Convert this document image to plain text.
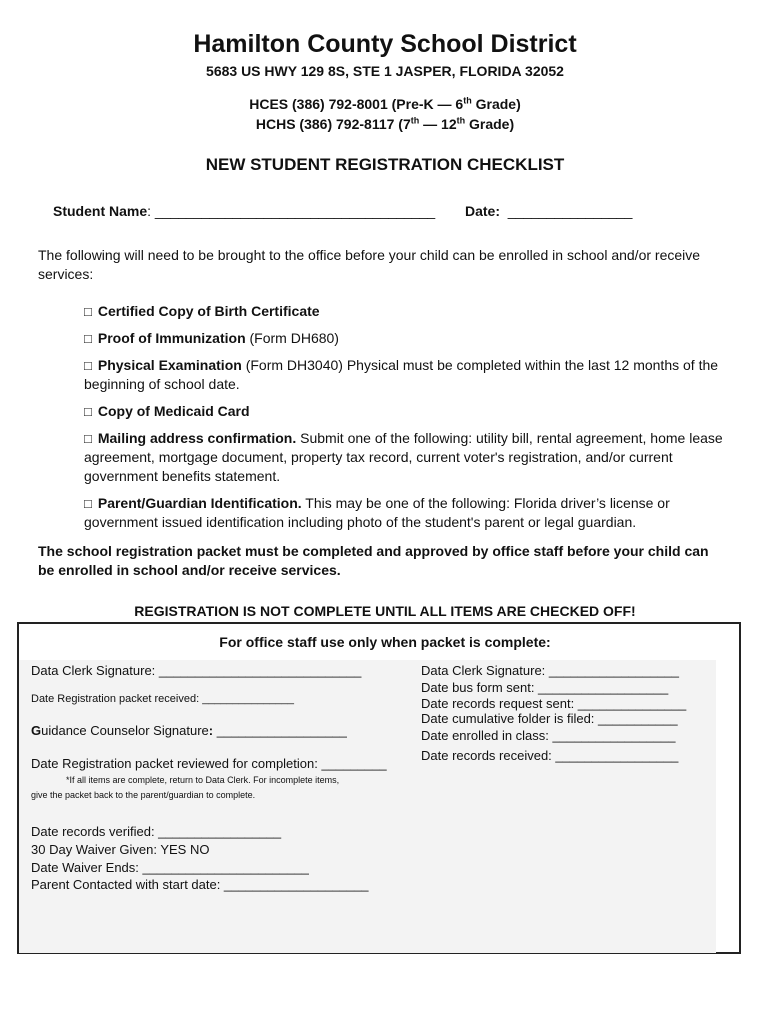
Hamilton County School District
5683 US HWY 129 8S, STE 1 JASPER, FLORIDA 32052
HCES (386) 792-8001 (Pre-K — 6th Grade)
HCHS (386) 792-8117 (7th — 12th Grade)
NEW STUDENT REGISTRATION CHECKLIST
Student Name: ____________________________________ Date: ________________
The following will need to be brought to the office before your child can be enrolled in school and/or receive services:
□ Certified Copy of Birth Certificate
□ Proof of Immunization (Form DH680)
□ Physical Examination (Form DH3040) Physical must be completed within the last 12 months of the beginning of school date.
□ Copy of Medicaid Card
□ Mailing address confirmation. Submit one of the following: utility bill, rental agreement, home lease agreement, mortgage document, property tax record, current voter's registration, and/or current government benefits statement.
□ Parent/Guardian Identification. This may be one of the following: Florida driver’s license or government issued identification including photo of the student's parent or legal guardian.
The school registration packet must be completed and approved by office staff before your child can be enrolled in school and/or receive services.
REGISTRATION IS NOT COMPLETE UNTIL ALL ITEMS ARE CHECKED OFF!
For office staff use only when packet is complete:
Data Clerk Signature: ____________________________
Date Registration packet received: _______________
Guidance Counselor Signature: __________________
Date Registration packet reviewed for completion: _________
*If all items are complete, return to Data Clerk. For incomplete items,
give the packet back to the parent/guardian to complete.
Date records verified: _________________
30 Day Waiver Given: YES NO
Date Waiver Ends: _______________________
Parent Contacted with start date: ____________________
Data Clerk Signature: __________________
Date bus form sent: __________________
Date records request sent: _______________
Date cumulative folder is filed: ___________
Date enrolled in class: _________________
Date records received: _________________
